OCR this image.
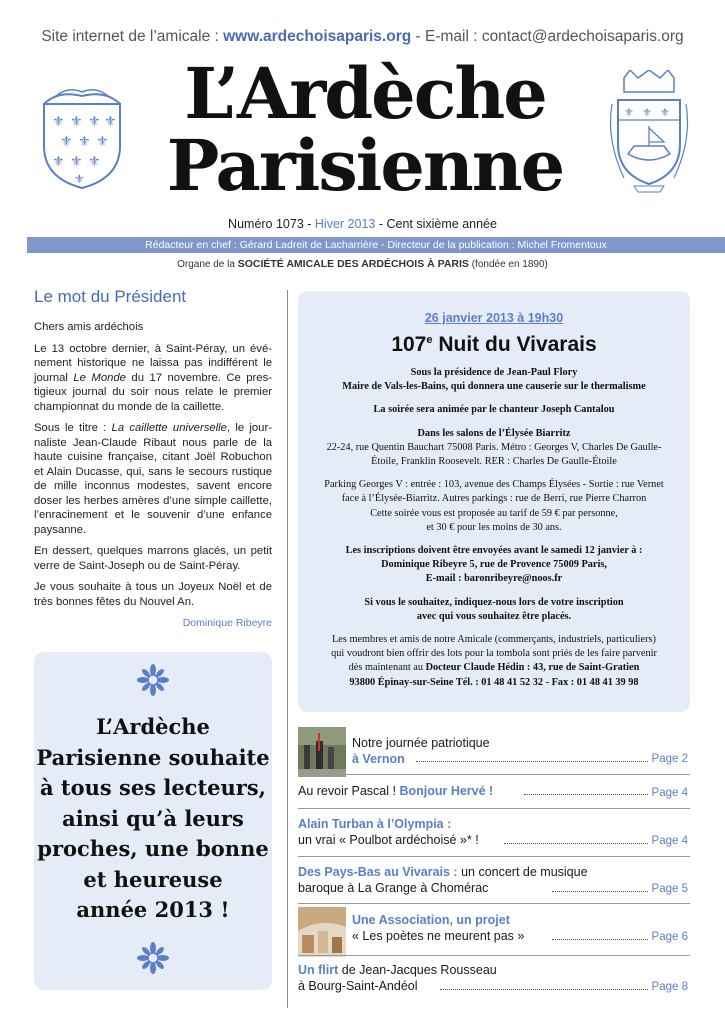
Site internet de l’amicale : www.ardechoisaparis.org - E-mail : contact@ardechoisaparis.org
⚜ ⚜ ⚜ ⚜
⚜ ⚜ ⚜
⚜ ⚜ ⚜
⚜
L’Ardèche
Parisienne
⚜ ⚜ ⚜
Numéro 1073 - Hiver 2013 - Cent sixième année
Rédacteur en chef : Gérard Ladreit de Lacharrière - Directeur de la publication : Michel Fromentoux
Organe de la SOCIÉTÉ AMICALE DES ARDÉCHOIS À PARIS (fondée en 1890)
Le mot du Président

Chers amis ardéchois

Le 13 octobre dernier, à Saint-Péray, un évé-nement historique ne laissa pas indifférent le journal Le Monde du 17 novembre. Ce pres-tigieux journal du soir nous relate le premier championnat du monde de la caillette.

Sous le titre : La caillette universelle, le jour-naliste Jean-Claude Ribaut nous parle de la haute cuisine française, citant Joël Robuchon et Alain Ducasse, qui, sans le secours rustique de mille inconnus modestes, savent encore doser les herbes amères d’une simple caillette, l’enracinement et le souvenir d’une enfance paysanne.

En dessert, quelques marrons glacés, un petit verre de Saint-Joseph ou de Saint-Péray.

Je vous souhaite à tous un Joyeux Noël et de très bonnes fêtes du Nouvel An.

Dominique Ribeyre
L’Ardèche
Parisienne souhaite
à tous ses lecteurs,
ainsi qu’à leurs
proches, une bonne
et heureuse
année 2013 !
26 janvier 2013 à 19h30
107e Nuit du Vivarais
Sous la présidence de Jean-Paul Flory
Maire de Vals-les-Bains, qui donnera une causerie sur le thermalisme
La soirée sera animée par le chanteur Joseph Cantalou
Dans les salons de l’Élysée Biarritz
22-24, rue Quentin Bauchart 75008 Paris. Métro : Georges V, Charles De Gaulle-
Étoile, Franklin Roosevelt. RER : Charles De Gaulle-Étoile
Parking Georges V : entrée : 103, avenue des Champs Élysées - Sortie : rue Vernet
face à l’Élysée-Biarritz. Autres parkings : rue de Berri, rue Pierre Charron
Cette soirée vous est proposée au tarif de 59 € par personne,
et 30 € pour les moins de 30 ans.
Les inscriptions doivent être envoyées avant le samedi 12 janvier à :
Dominique Ribeyre 5, rue de Provence 75009 Paris,
E-mail : baronribeyre@noos.fr
Si vous le souhaitez, indiquez-nous lors de votre inscription
avec qui vous souhaitez être placés.
Les membres et amis de notre Amicale (commerçants, industriels, particuliers)
qui voudront bien offrir des lots pour la tombola sont priés de les faire parvenir
dès maintenant au Docteur Claude Hédin : 43, rue de Saint-Gratien
93800 Épinay-sur-Seine Tél. : 01 48 41 52 32 - Fax : 01 48 41 39 98
Notre journée patriotique
à Vernon	Page 2
Au revoir Pascal ! Bonjour Hervé !	Page 4
Alain Turban à l’Olympia :
un vrai « Poulbot ardéchoisé »* !	Page 4
Des Pays-Bas au Vivarais : un concert de musique
baroque à La Grange à Chomérac	Page 5
Une Association, un projet
« Les poètes ne meurent pas »	Page 6
Un flirt de Jean-Jacques Rousseau
à Bourg-Saint-Andéol	Page 8
